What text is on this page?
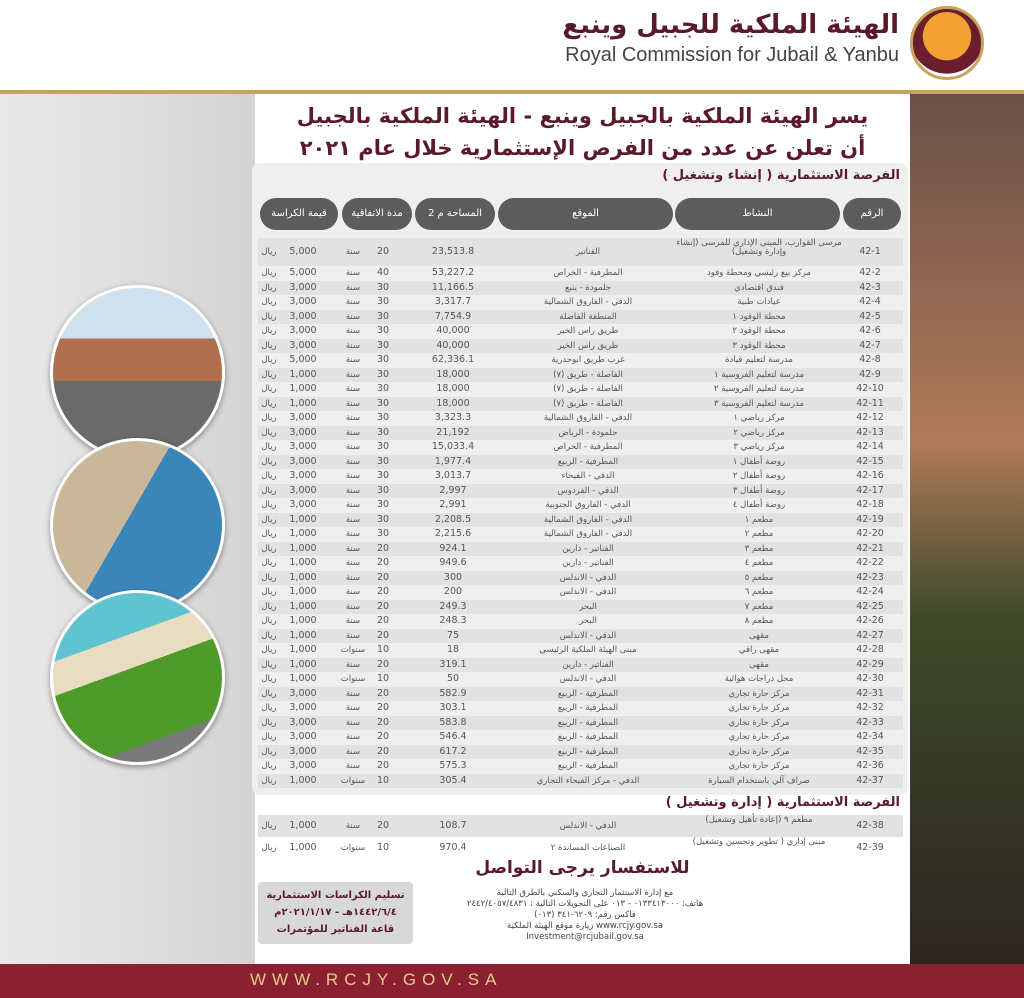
الهيئة الملكية للجبيل وينبع
Royal Commission for Jubail & Yanbu
يسر الهيئة الملكية بالجبيل وينبع - الهيئة الملكية بالجبيل
أن تعلن عن عدد من الفرص الإستثمارية خلال عام ٢٠٢١
الفرصة الاستثمارية ( إنشاء وتشغيل )
الرقم
النشاط
الموقع
المساحة م 2
مدة الاتفاقية
قيمة الكراسة
42-1
مرسى القوارب، المبنى الإداري للمرسى (إنشاء وإدارة وتشغيل)
الفناتير
23,513.8
20
سنة
5,000
ريال
42-2
مركز بيع رئيسي ومحطة وقود
المطرفية - الخراص
53,227.2
40
سنة
5,000
ريال
42-3
فندق اقتصادي
جلمودة - ينبع
11,166.5
30
سنة
3,000
ريال
42-4
عيادات طبية
الدفي - الفاروق الشمالية
3,317.7
30
سنة
3,000
ريال
42-5
محطة الوقود ١
المنطقة الفاصلة
7,754.9
30
سنة
3,000
ريال
42-6
محطة الوقود ٢
طريق راس الخير
40,000
30
سنة
3,000
ريال
42-7
محطة الوقود ٣
طريق راس الخير
40,000
30
سنة
3,000
ريال
42-8
مدرسة لتعليم قيادة
غرب طريق ابوحدرية
62,336.1
30
سنة
5,000
ريال
42-9
مدرسة لتعليم الفروسية ١
الفاصلة - طريق (٧)
18,000
30
سنة
1,000
ريال
42-10
مدرسة لتعليم الفروسية ٢
الفاصلة - طريق (٧)
18,000
30
سنة
1,000
ريال
42-11
مدرسة لتعليم الفروسية ٣
الفاصلة - طريق (٧)
18,000
30
سنة
1,000
ريال
42-12
مركز رياضي ١
الدفي - الفاروق الشمالية
3,323.3
30
سنة
3,000
ريال
42-13
مركز رياضي ٢
جلمودة - الرياض
21,192
30
سنة
3,000
ريال
42-14
مركز رياضي ٣
المطرفية - الخراص
15,033.4
30
سنة
3,000
ريال
42-15
روضة أطفال ١
المطرفية - الربيع
1,977.4
30
سنة
3,000
ريال
42-16
روضة أطفال ٢
الدفي - الفيحاء
3,013.7
30
سنة
3,000
ريال
42-17
روضة أطفال ٣
الدفي - الفردوس
2,997
30
سنة
3,000
ريال
42-18
روضة أطفال ٤
الدفي - الفاروق الجنوبية
2,991
30
سنة
3,000
ريال
42-19
مطعم ١
الدفي - الفاروق الشمالية
2,208.5
30
سنة
1,000
ريال
42-20
مطعم ٢
الدفي - الفاروق الشمالية
2,215.6
30
سنة
1,000
ريال
42-21
مطعم ٣
الفناتير - دارين
924.1
20
سنة
1,000
ريال
42-22
مطعم ٤
الفناتير - دارين
949.6
20
سنة
1,000
ريال
42-23
مطعم ٥
الدفي - الاندلس
300
20
سنة
1,000
ريال
42-24
مطعم ٦
الدفي - الاندلس
200
20
سنة
1,000
ريال
42-25
مطعم ٧
البحر
249.3
20
سنة
1,000
ريال
42-26
مطعم ٨
البحر
248.3
20
سنة
1,000
ريال
42-27
مقهى
الدفي - الاندلس
75
20
سنة
1,000
ريال
42-28
مقهى راقي
مبنى الهيئة الملكية الرئيسي
18
10
سنوات
1,000
ريال
42-29
مقهى
الفناتير - دارين
319.1
20
سنة
1,000
ريال
42-30
محل دراجات هوائية
الدفي - الاندلس
50
10
سنوات
1,000
ريال
42-31
مركز حارة تجاري
المطرفية - الربيع
582.9
20
سنة
3,000
ريال
42-32
مركز حارة تجاري
المطرفية - الربيع
303.1
20
سنة
3,000
ريال
42-33
مركز حارة تجاري
المطرفية - الربيع
583.8
20
سنة
3,000
ريال
42-34
مركز حارة تجاري
المطرفية - الربيع
546.4
20
سنة
3,000
ريال
42-35
مركز حارة تجاري
المطرفية - الربيع
617.2
20
سنة
3,000
ريال
42-36
مركز حارة تجاري
المطرفية - الربيع
575.3
20
سنة
3,000
ريال
42-37
صراف آلي باستخدام السيارة
الدفي - مركز الفيحاء التجاري
305.4
10
سنوات
1,000
ريال
الفرصة الاستثمارية ( إدارة وتشغيل )
42-38
مطعم ٩ (إعادة تأهيل وتشغيل)
الدفي - الاندلس
108.7
20
سنة
1,000
ريال
42-39
مبنى إداري ( تطوير وتحسين وتشغيل)
الصناعات المساندة ٢
970.4
10
سنوات
1,000
ريال
للاستفسار يرجى التواصل
مع إدارة الاستثمار التجاري والسكني بالطرق التالية
هاتف: ٠١٣٣٤١٣٠٠٠ - ٠١٣ على التحويلات التالية : ٢٤٤٢/٤٠٥٧/٤٨٣١
فاكس رقم: ٦٢٠٩-٣٤١ (٠١٣)
www.rcjy.gov.sa زيارة موقع الهيئة الملكية
Investment@rcjubail.gov.sa
تسليم الكراسات الاستثمارية
١٤٤٢/٦/٤هـ - ٢٠٢١/١/١٧م
قاعة الفناتير للمؤتمرات
WWW.RCJY.GOV.SA
